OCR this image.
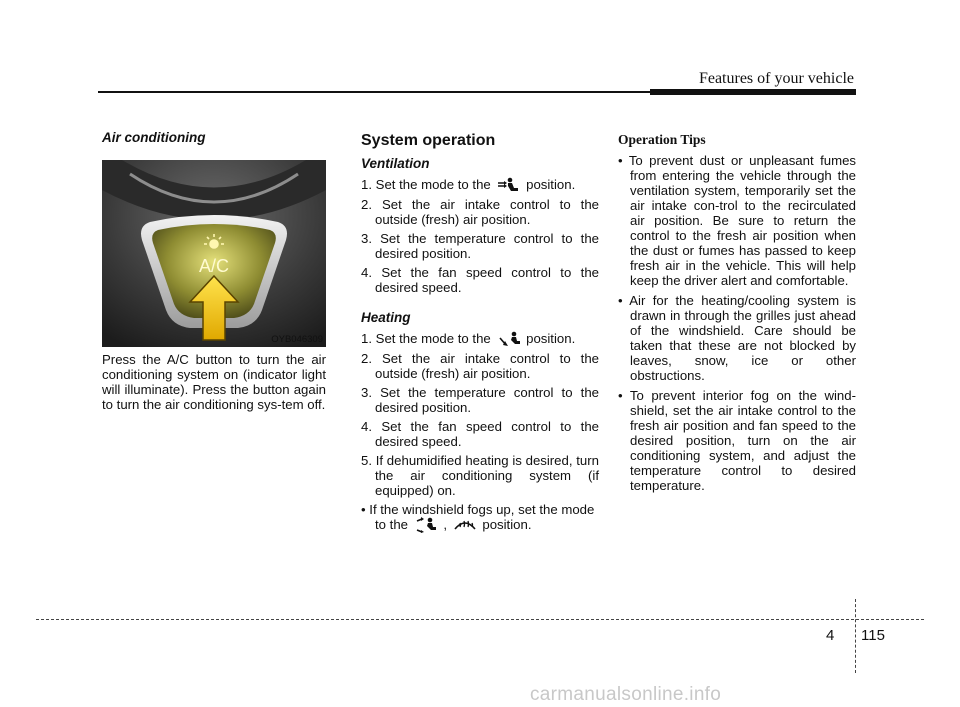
Features of your vehicle

Air conditioning

A/C
OYB046309

Press the A/C button to turn the air conditioning system on (indicator light will illuminate). Press the button again to turn the air conditioning sys-tem off.

System operation

Ventilation

1. Set the mode to the	position.

2. Set the air intake control to the outside (fresh) air position.

3. Set the temperature control to the desired position.

4. Set the fan speed control to the desired speed.

Heating

1. Set the mode to the	position.

2. Set the air intake control to the outside (fresh) air position.

3. Set the temperature control to the desired position.

4. Set the fan speed control to the desired speed.

5. If dehumidified heating is desired, turn the air conditioning system (if equipped) on.

• If the windshield fogs up, set the mode to the	,	position.

Operation Tips

• To prevent dust or unpleasant fumes from entering the vehicle through the ventilation system, temporarily set the air intake con-trol to the recirculated air position. Be sure to return the control to the fresh air position when the dust or fumes has passed to keep fresh air in the vehicle. This will help keep the driver alert and comfortable.

• Air for the heating/cooling system is drawn in through the grilles just ahead of the windshield. Care should be taken that these are not blocked by leaves, snow, ice or other obstructions.

• To prevent interior fog on the wind-shield, set the air intake control to the fresh air position and fan speed to the desired position, turn on the air conditioning system, and adjust the temperature control to desired temperature.

4 115
carmanualsonline.info
